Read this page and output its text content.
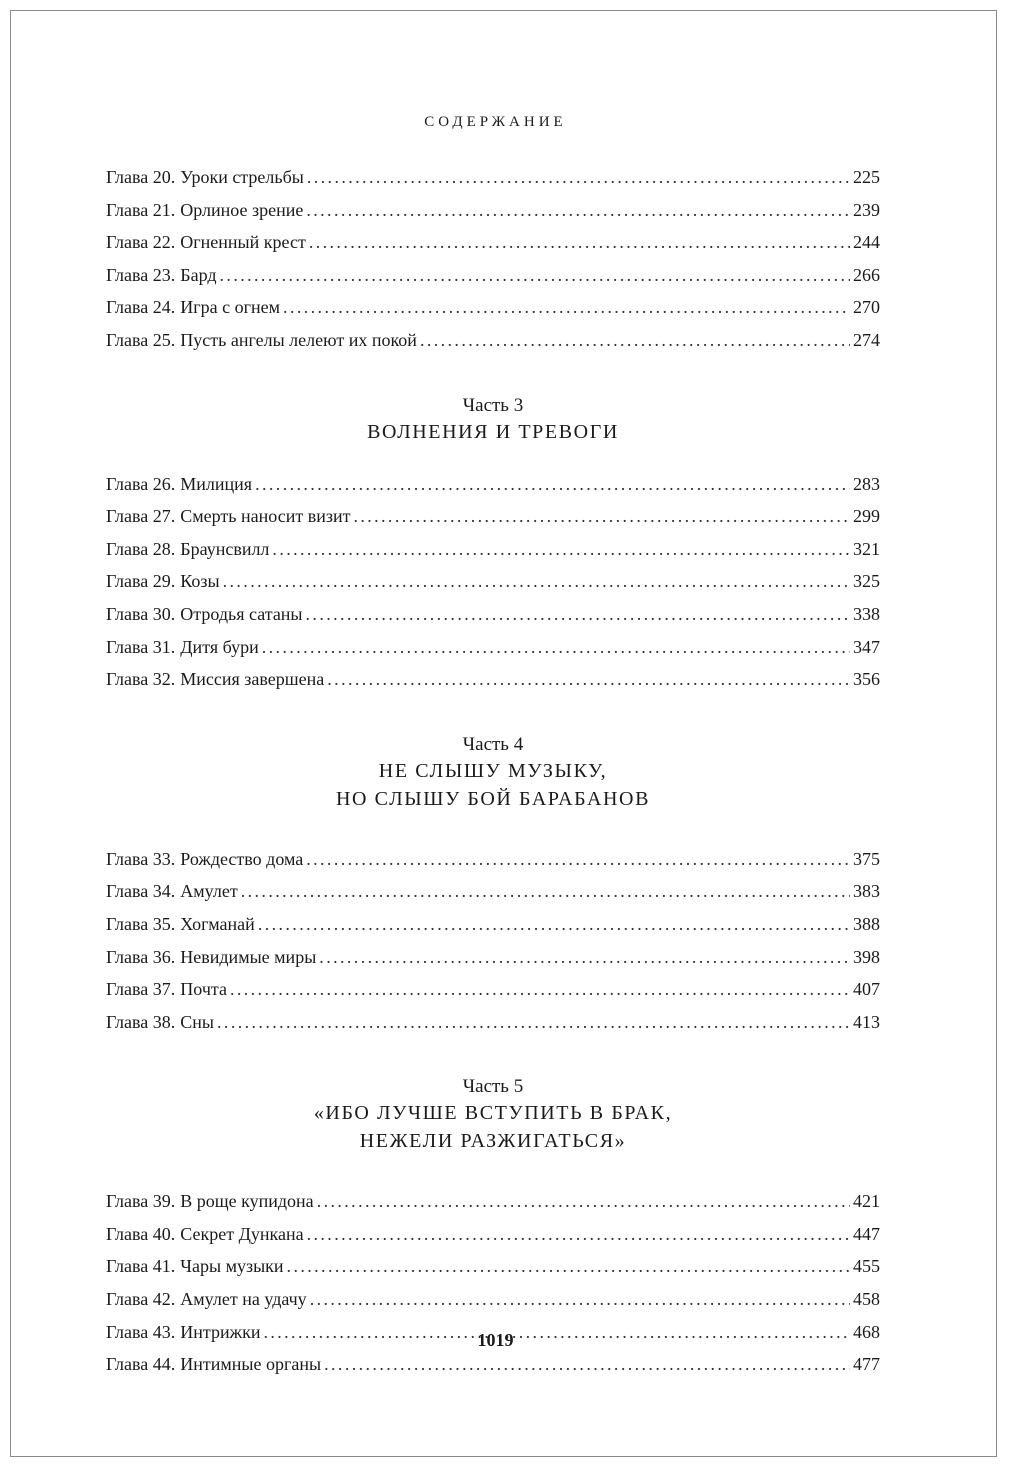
СОДЕРЖАНИЕ
Глава 20. Уроки стрельбы .....	225
Глава 21. Орлиное зрение .....	239
Глава 22. Огненный крест .....	244
Глава 23. Бард .....	266
Глава 24. Игра с огнем .....	270
Глава 25. Пусть ангелы лелеют их покой .....	274
Часть 3
ВОЛНЕНИЯ И ТРЕВОГИ
Глава 26. Милиция .....	283
Глава 27. Смерть наносит визит .....	299
Глава 28. Браунсвилл .....	321
Глава 29. Козы .....	325
Глава 30. Отродья сатаны .....	338
Глава 31. Дитя бури .....	347
Глава 32. Миссия завершена .....	356
Часть 4
НЕ СЛЫШУ МУЗЫКУ,
НО СЛЫШУ БОЙ БАРАБАНОВ
Глава 33. Рождество дома .....	375
Глава 34. Амулет .....	383
Глава 35. Хогманай .....	388
Глава 36. Невидимые миры .....	398
Глава 37. Почта .....	407
Глава 38. Сны .....	413
Часть 5
«ИБО ЛУЧШЕ ВСТУПИТЬ В БРАК,
НЕЖЕЛИ РАЗЖИГАТЬСЯ»
Глава 39. В роще купидона .....	421
Глава 40. Секрет Дункана .....	447
Глава 41. Чары музыки .....	455
Глава 42. Амулет на удачу .....	458
Глава 43. Интрижки .....	468
Глава 44. Интимные органы .....	477
1019
